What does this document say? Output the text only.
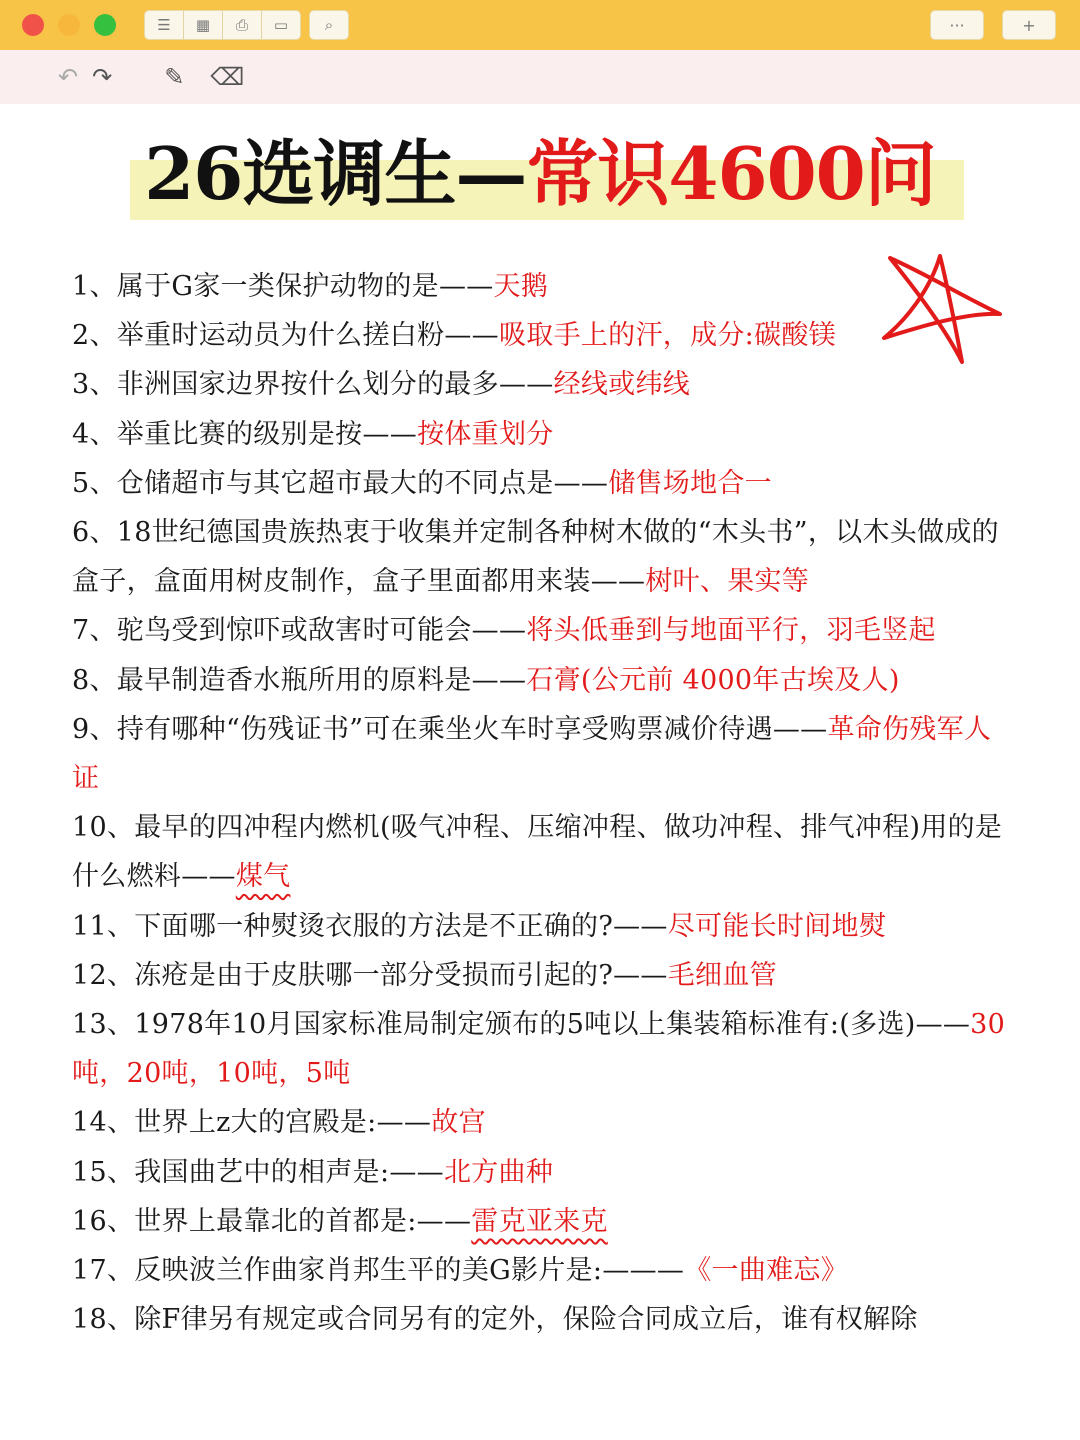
☰	▦	⎙	▭	⌕	···	+
↶ ↷ ✎ ⌫
26选调生—常识4600问

1、属于G家一类保护动物的是——天鹅

2、举重时运动员为什么搓白粉——吸取手上的汗，成分:碳酸镁

3、非洲国家边界按什么划分的最多——经线或纬线

4、举重比赛的级别是按——按体重划分

5、仓储超市与其它超市最大的不同点是——储售场地合一

6、18世纪德国贵族热衷于收集并定制各种树木做的“木头书”，以木头做成的盒子，盒面用树皮制作，盒子里面都用来装——树叶、果实等

7、驼鸟受到惊吓或敌害时可能会——将头低垂到与地面平行，羽毛竖起

8、最早制造香水瓶所用的原料是——石膏(公元前 4000年古埃及人)

9、持有哪种“伤残证书”可在乘坐火车时享受购票减价待遇——革命伤残军人证

10、最早的四冲程内燃机(吸气冲程、压缩冲程、做功冲程、排气冲程)用的是什么燃料——煤气

11、下面哪一种熨烫衣服的方法是不正确的?——尽可能长时间地熨

12、冻疮是由于皮肤哪一部分受损而引起的?——毛细血管

13、1978年10月国家标准局制定颁布的5吨以上集装箱标准有:(多选)——30吨，20吨，10吨，5吨

14、世界上z大的宫殿是:——故宫

15、我国曲艺中的相声是:——北方曲种

16、世界上最靠北的首都是:——雷克亚来克

17、反映波兰作曲家肖邦生平的美G影片是:———《一曲难忘》

18、除F律另有规定或合同另有的定外，保险合同成立后，谁有权解除
